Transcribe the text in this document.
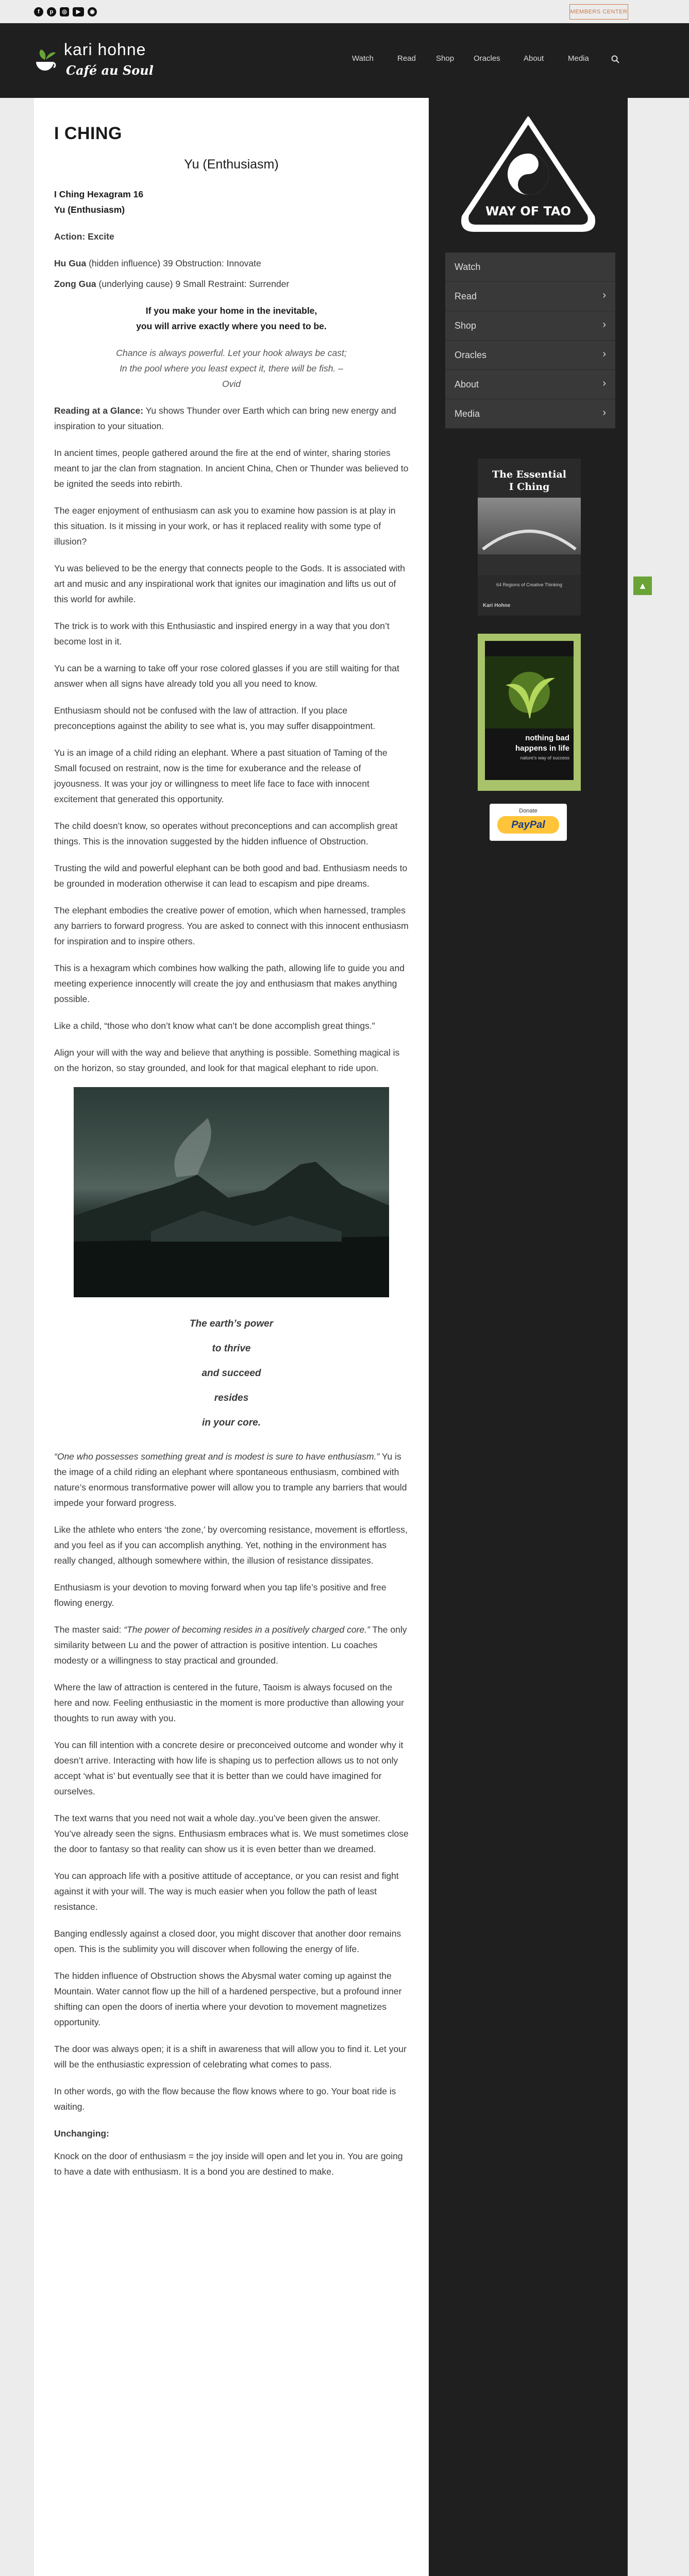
f	p	◎	▶	◉	MEMBERS CENTER
kari hohne
Café au Soul
Watch	Read	Shop	Oracles	About	Media
I CHING
Yu (Enthusiasm)

I Ching Hexagram 16
Yu (Enthusiasm)

Action: Excite

Hu Gua (hidden influence) 39 Obstruction: Innovate

Zong Gua (underlying cause) 9 Small Restraint: Surrender

If you make your home in the inevitable,
you will arrive exactly where you need to be.

Chance is always powerful. Let your hook always be cast;
In the pool where you least expect it, there will be fish. –
Ovid

Reading at a Glance: Yu shows Thunder over Earth which can bring new energy and inspiration to your situation.

In ancient times, people gathered around the fire at the end of winter, sharing stories meant to jar the clan from stagnation. In ancient China, Chen or Thunder was believed to be ignited the seeds into rebirth.

The eager enjoyment of enthusiasm can ask you to examine how passion is at play in this situation. Is it missing in your work, or has it replaced reality with some type of illusion?

Yu was believed to be the energy that connects people to the Gods. It is associated with art and music and any inspirational work that ignites our imagination and lifts us out of this world for awhile.

The trick is to work with this Enthusiastic and inspired energy in a way that you don’t become lost in it.

Yu can be a warning to take off your rose colored glasses if you are still waiting for that answer when all signs have already told you all you need to know.

Enthusiasm should not be confused with the law of attraction. If you place preconceptions against the ability to see what is, you may suffer disappointment.

Yu is an image of a child riding an elephant. Where a past situation of Taming of the Small focused on restraint, now is the time for exuberance and the release of joyousness. It was your joy or willingness to meet life face to face with innocent excitement that generated this opportunity.

The child doesn’t know, so operates without preconceptions and can accomplish great things. This is the innovation suggested by the hidden influence of Obstruction.

Trusting the wild and powerful elephant can be both good and bad. Enthusiasm needs to be grounded in moderation otherwise it can lead to escapism and pipe dreams.

The elephant embodies the creative power of emotion, which when harnessed, tramples any barriers to forward progress. You are asked to connect with this innocent enthusiasm for inspiration and to inspire others.

This is a hexagram which combines how walking the path, allowing life to guide you and meeting experience innocently will create the joy and enthusiasm that makes anything possible.

Like a child, “those who don’t know what can’t be done accomplish great things.”

Align your will with the way and believe that anything is possible. Something magical is on the horizon, so stay grounded, and look for that magical elephant to ride upon.

The earth’s power
to thrive
and succeed
resides
in your core.

“One who possesses something great and is modest is sure to have enthusiasm.” Yu is the image of a child riding an elephant where spontaneous enthusiasm, combined with nature’s enormous transformative power will allow you to trample any barriers that would impede your forward progress.

Like the athlete who enters ‘the zone,’ by overcoming resistance, movement is effortless, and you feel as if you can accomplish anything. Yet, nothing in the environment has really changed, although somewhere within, the illusion of resistance dissipates.

Enthusiasm is your devotion to moving forward when you tap life’s positive and free flowing energy.

The master said: “The power of becoming resides in a positively charged core.” The only similarity between Lu and the power of attraction is positive intention. Lu coaches modesty or a willingness to stay practical and grounded.

Where the law of attraction is centered in the future, Taoism is always focused on the here and now. Feeling enthusiastic in the moment is more productive than allowing your thoughts to run away with you.

You can fill intention with a concrete desire or preconceived outcome and wonder why it doesn’t arrive. Interacting with how life is shaping us to perfection allows us to not only accept ‘what is’ but eventually see that it is better than we could have imagined for ourselves.

The text warns that you need not wait a whole day..you’ve been given the answer. You’ve already seen the signs. Enthusiasm embraces what is. We must sometimes close the door to fantasy so that reality can show us it is even better than we dreamed.

You can approach life with a positive attitude of acceptance, or you can resist and fight against it with your will. The way is much easier when you follow the path of least resistance.

Banging endlessly against a closed door, you might discover that another door remains open. This is the sublimity you will discover when following the energy of life.

The hidden influence of Obstruction shows the Abysmal water coming up against the Mountain. Water cannot flow up the hill of a hardened perspective, but a profound inner shifting can open the doors of inertia where your devotion to movement magnetizes opportunity.

The door was always open; it is a shift in awareness that will allow you to find it. Let your will be the enthusiastic expression of celebrating what comes to pass.

In other words, go with the flow because the flow knows where to go. Your boat ride is waiting.

Unchanging:

Knock on the door of enthusiasm = the joy inside will open and let you in. You are going to have a date with enthusiasm. It is a bond you are destined to make.

WAY OF TAO
Watch
Read	›
Shop	›
Oracles	›
About	›
Media	›
The Essential
I Ching
64 Regions of Creative Thinking
Kari Hohne
nothing bad
happens in life
nature's way of success
Donate
PayPal
▲
